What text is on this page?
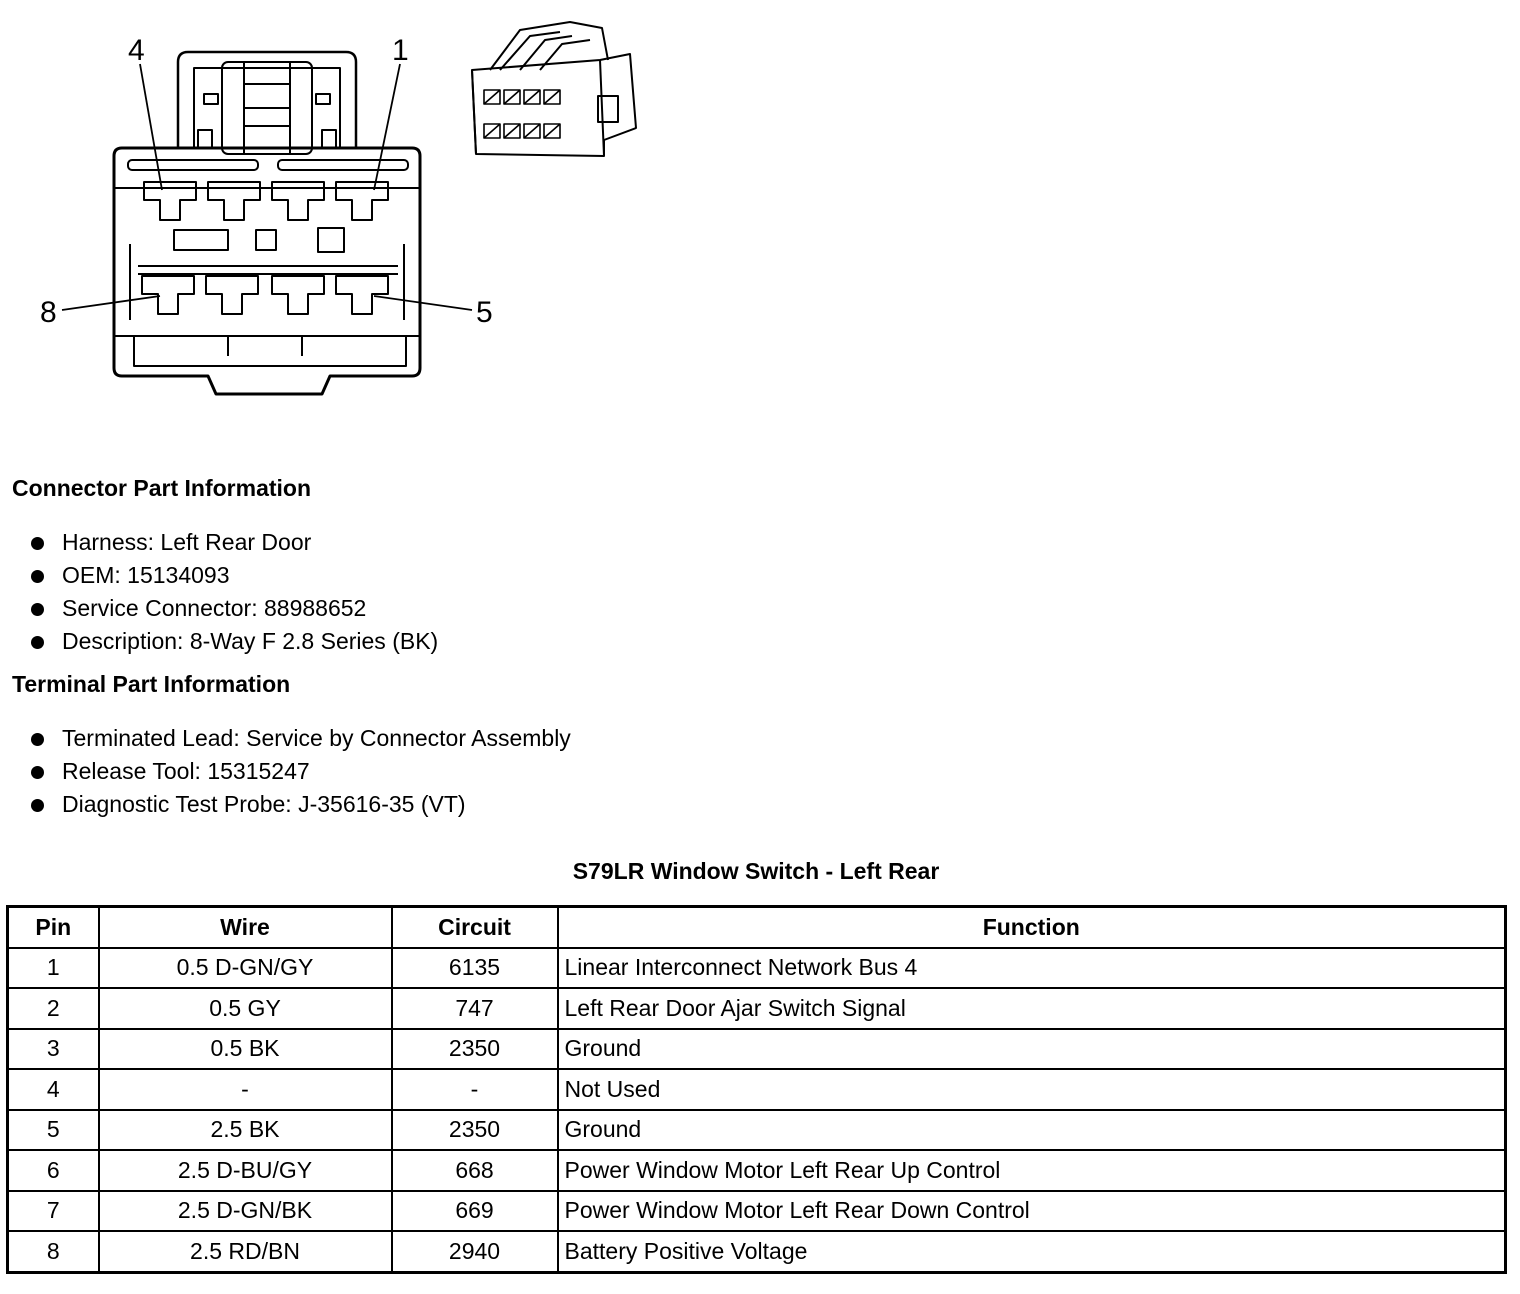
4	1
8	5
Connector Part Information
Harness: Left Rear Door
OEM: 15134093
Service Connector: 88988652
Description: 8-Way F 2.8 Series (BK)
Terminal Part Information
Terminated Lead: Service by Connector Assembly
Release Tool: 15315247
Diagnostic Test Probe: J-35616-35 (VT)
S79LR Window Switch - Left Rear
Pin	Wire	Circuit	Function
1	0.5 D-GN/GY	6135	Linear Interconnect Network Bus 4
2	0.5 GY	747	Left Rear Door Ajar Switch Signal
3	0.5 BK	2350	Ground
4	-	-	Not Used
5	2.5 BK	2350	Ground
6	2.5 D-BU/GY	668	Power Window Motor Left Rear Up Control
7	2.5 D-GN/BK	669	Power Window Motor Left Rear Down Control
8	2.5 RD/BN	2940	Battery Positive Voltage
